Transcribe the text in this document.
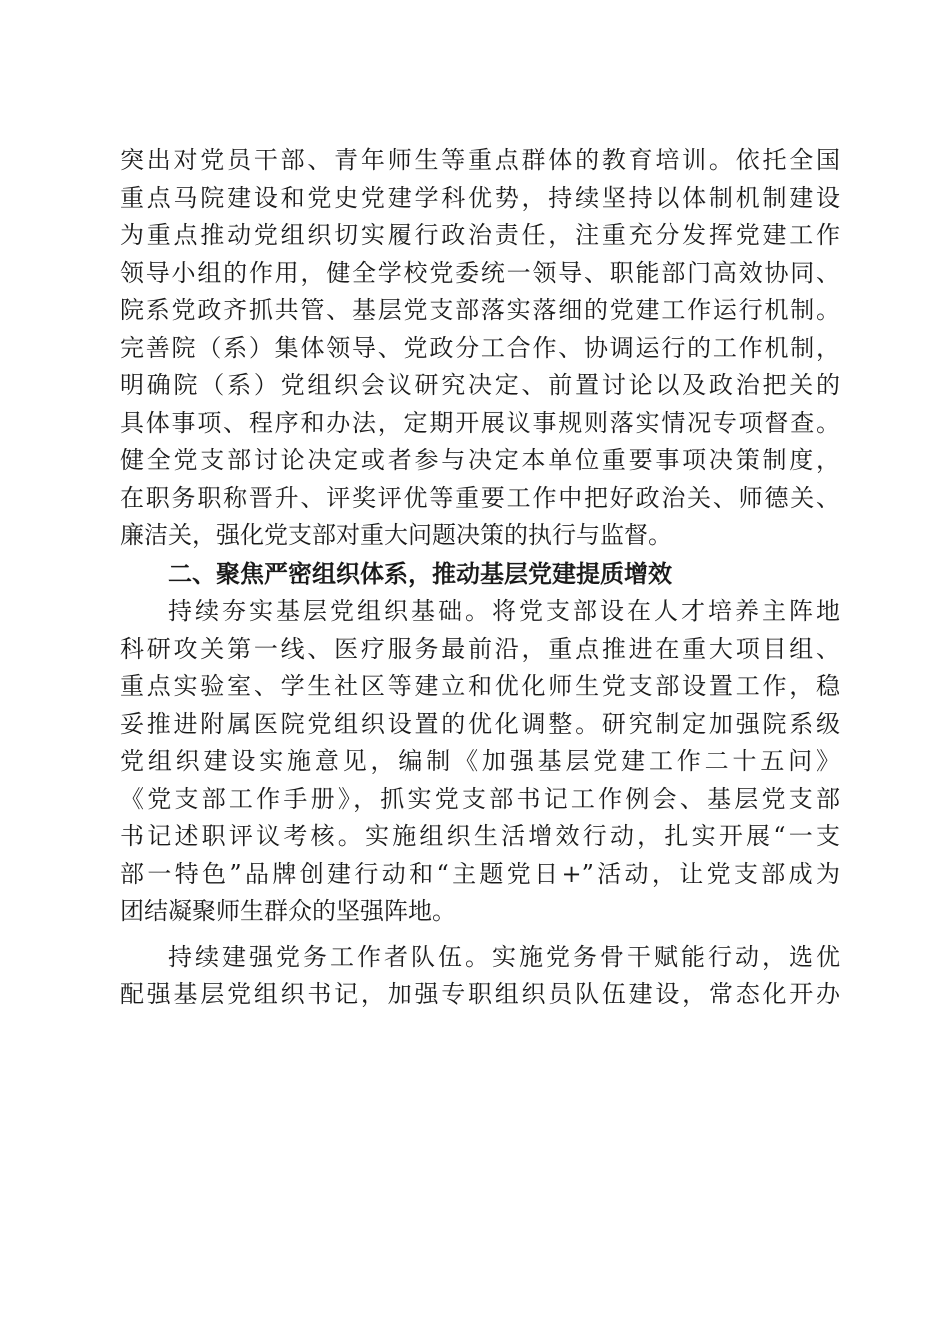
突出对党员干部、青年师生等重点群体的教育培训。依托全国
重点马院建设和党史党建学科优势，持续坚持以体制机制建设
为重点推动党组织切实履行政治责任，注重充分发挥党建工作
领导小组的作用，健全学校党委统一领导、职能部门高效协同、
院系党政齐抓共管、基层党支部落实落细的党建工作运行机制。
完善院（系）集体领导、党政分工合作、协调运行的工作机制，
明确院（系）党组织会议研究决定、前置讨论以及政治把关的
具体事项、程序和办法，定期开展议事规则落实情况专项督查。
健全党支部讨论决定或者参与决定本单位重要事项决策制度，
在职务职称晋升、评奖评优等重要工作中把好政治关、师德关、
廉洁关，强化党支部对重大问题决策的执行与监督。
二、聚焦严密组织体系，推动基层党建提质增效
持续夯实基层党组织基础。将党支部设在人才培养主阵地
科研攻关第一线、医疗服务最前沿，重点推进在重大项目组、
重点实验室、学生社区等建立和优化师生党支部设置工作，稳
妥推进附属医院党组织设置的优化调整。研究制定加强院系级
党组织建设实施意见，编制《加强基层党建工作二十五问》
《党支部工作手册》，抓实党支部书记工作例会、基层党支部
书记述职评议考核。实施组织生活增效行动，扎实开展“一支
部一特色”品牌创建行动和“主题党日+”活动，让党支部成为
团结凝聚师生群众的坚强阵地。
持续建强党务工作者队伍。实施党务骨干赋能行动，选优
配强基层党组织书记，加强专职组织员队伍建设，常态化开办
